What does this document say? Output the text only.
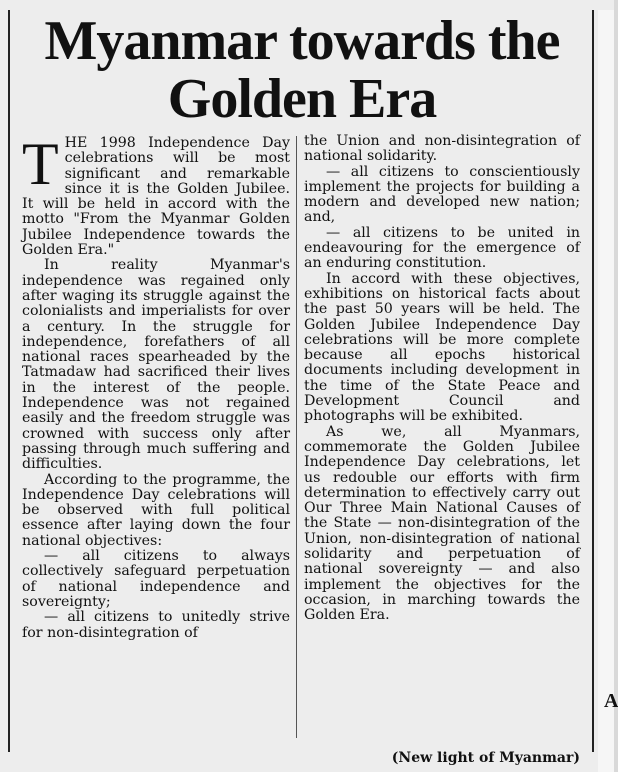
A
Myanmar towards the
Golden Era

THE 1998 Independence Day celebrations will be most significant and remarkable since it is the Golden Jubilee. It will be held in accord with the motto "From the Myanmar Golden Jubilee Independence towards the Golden Era."

In reality Myanmar's independence was regained only after waging its struggle against the colonialists and imperialists for over a century. In the struggle for independence, forefathers of all national races spearheaded by the Tatmadaw had sacrificed their lives in the interest of the people. Independence was not regained easily and the freedom struggle was crowned with success only after passing through much suffering and difficulties.

According to the programme, the Independence Day celebrations will be observed with full political essence after laying down the four national objectives:

— all citizens to always collectively safeguard perpetuation of national independence and sovereignty;

— all citizens to unitedly strive for non-disintegration of

the Union and non-disintegration of national solidarity.

— all citizens to conscientiously implement the projects for building a modern and developed new nation; and,

— all citizens to be united in endeavouring for the emergence of an enduring constitution.

In accord with these objectives, exhibitions on historical facts about the past 50 years will be held. The Golden Jubilee Independence Day celebrations will be more complete because all epochs historical documents including development in the time of the State Peace and Development Council and photographs will be exhibited.

As we, all Myanmars, commemorate the Golden Jubilee Independence Day celebrations, let us redouble our efforts with firm determination to effectively carry out Our Three Main National Causes of the State — non-disintegration of the Union, non-disintegration of national solidarity and perpetuation of national sovereignty — and also implement the objectives for the occasion, in marching towards the Golden Era.

(New light of Myanmar)
